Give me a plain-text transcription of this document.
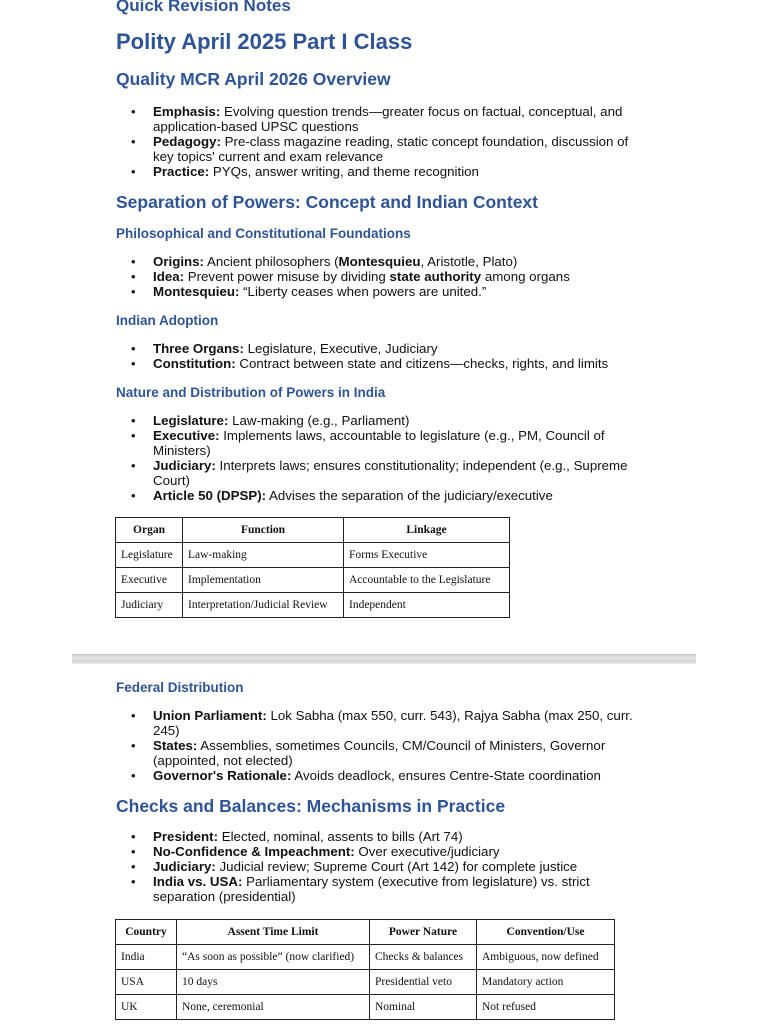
Quick Revision Notes
Polity April 2025 Part I Class
Quality MCR April 2026 Overview
• Emphasis: Evolving question trends—greater focus on factual, conceptual, and application-based UPSC questions
• Pedagogy: Pre-class magazine reading, static concept foundation, discussion of key topics' current and exam relevance
• Practice: PYQs, answer writing, and theme recognition
Separation of Powers: Concept and Indian Context
Philosophical and Constitutional Foundations
• Origins: Ancient philosophers (Montesquieu, Aristotle, Plato)
• Idea: Prevent power misuse by dividing state authority among organs
• Montesquieu: “Liberty ceases when powers are united.”
Indian Adoption
• Three Organs: Legislature, Executive, Judiciary
• Constitution: Contract between state and citizens—checks, rights, and limits
Nature and Distribution of Powers in India
• Legislature: Law-making (e.g., Parliament)
• Executive: Implements laws, accountable to legislature (e.g., PM, Council of Ministers)
• Judiciary: Interprets laws; ensures constitutionality; independent (e.g., Supreme Court)
• Article 50 (DPSP): Advises the separation of the judiciary/executive
Organ	Function	Linkage
Legislature	Law-making	Forms Executive
Executive	Implementation	Accountable to the Legislature
Judiciary	Interpretation/Judicial Review	Independent
Federal Distribution
• Union Parliament: Lok Sabha (max 550, curr. 543), Rajya Sabha (max 250, curr. 245)
• States: Assemblies, sometimes Councils, CM/Council of Ministers, Governor (appointed, not elected)
• Governor's Rationale: Avoids deadlock, ensures Centre-State coordination
Checks and Balances: Mechanisms in Practice
• President: Elected, nominal, assents to bills (Art 74)
• No-Confidence & Impeachment: Over executive/judiciary
• Judiciary: Judicial review; Supreme Court (Art 142) for complete justice
• India vs. USA: Parliamentary system (executive from legislature) vs. strict separation (presidential)
Country	Assent Time Limit	Power Nature	Convention/Use
India	“As soon as possible” (now clarified)	Checks & balances	Ambiguous, now defined
USA	10 days	Presidential veto	Mandatory action
UK	None, ceremonial	Nominal	Not refused
